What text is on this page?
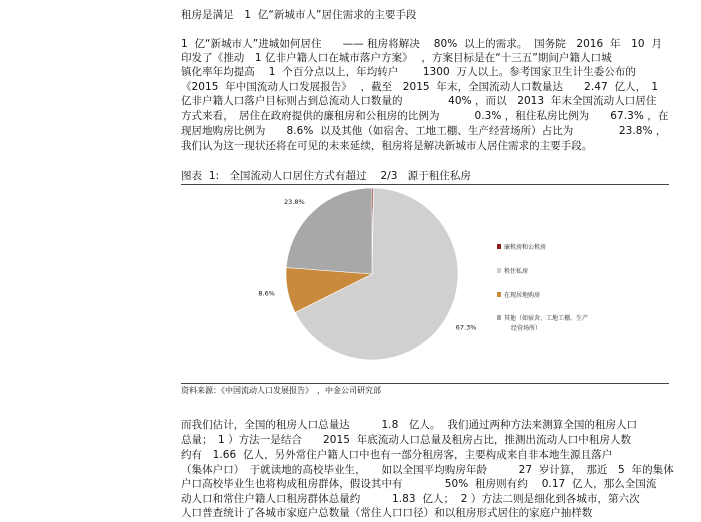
租房是满足　1  亿“新城市人”居住需求的主要手段
1  亿“新城市人”进城如何居住　　—— 租房将解决　 80%  以上的需求。  国务院　2016  年　10  月
印发了《推动　1 亿非户籍人口在城市落户方案》　 ，方案目标是在“十三五”期间户籍人口城
镇化率年均提高　 1  个百分点以上，年均转户　　 1300  万人以上。参考国家卫生计生委公布的
《2015  年中国流动人口发展报告》　 ，截至　2015  年末，全国流动人口数量达　　2.47  亿人，　1
亿非户籍人口落户目标则占到总流动人口数量的　　　　 40% ，而以　2013  年末全国流动人口居住
方式来看，　居住在政府提供的廉租房和公租房的比例为　　　 0.3% ，租住私房比例为　　67.3% ，在
现居地购房比例为　　8.6%  以及其他（如宿舍、工地工棚、生产经营场所）占比为　　　　 23.8% ，
我们认为这一现状还将在可见的未来延续，租房将是解决新城市人居住需求的主要手段。
图表  1:   全国流动人口居住方式有超过　 2/3   源于租住私房
67.3%
8.6%
23.8%
廉租房和公租房
租住私房
在现居地购房
其他（如宿舍、工地工棚、生产
经营场所）
资料来源：《中国流动人口发展报告》　，中金公司研究部
而我们估计，全国的租房人口总量达　　　1.8　亿人。  我们通过两种方法来测算全国的租房人口
总量；　1 ）方法一是结合　　2015  年底流动人口总量及租房占比，推测出流动人口中租房人数
约有　1.66  亿人，另外常住户籍人口中也有一部分租房客，主要构成来自非本地生源且落户
（集体户口）　于就读地的高校毕业生，　　如以全国平均购房年龄　　　27  岁计算，　那近　5  年的集体
户口高校毕业生也将构成租房群体，假设其中有　　　　50%  租房则有约　 0.17  亿人，那么全国流
动人口和常住户籍人口租房群体总量约　　　1.83  亿人；  2 ）方法二则是细化到各城市，第六次
人口普查统计了各城市家庭户总数量（常住人口口径）和以租房形式居住的家庭户抽样数
